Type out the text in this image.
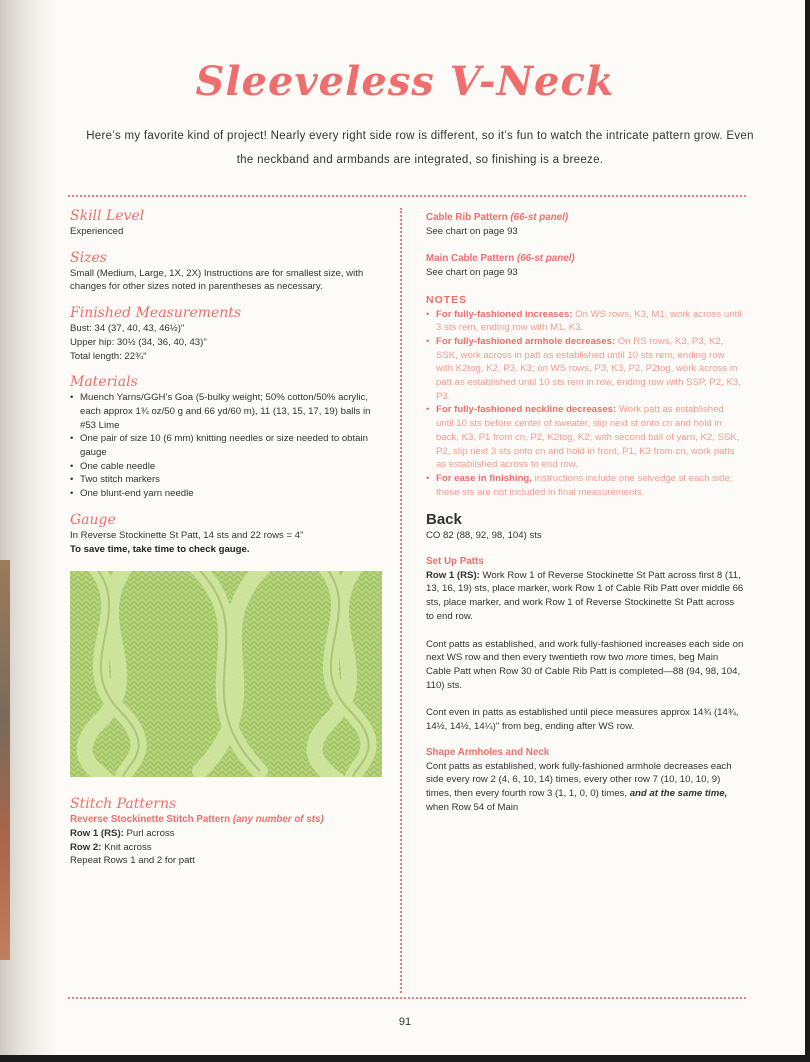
Sleeveless V-Neck

Here’s my favorite kind of project! Nearly every right side row is different, so it’s fun to watch the intricate pattern grow. Even the neckband and armbands are integrated, so finishing is a breeze.

Skill Level

Experienced

Sizes

Small (Medium, Large, 1X, 2X) Instructions are for smallest size, with changes for other sizes noted in parentheses as necessary.

Finished Measurements

Bust: 34 (37, 40, 43, 46½)"

Upper hip: 30½ (34, 36, 40, 43)"

Total length: 22¾"

Materials
• Muench Yarns/GGH’s Goa (5-bulky weight; 50% cotton/50% acrylic, each approx 1¾ oz/50 g and 66 yd/60 m), 11 (13, 15, 17, 19) balls in #53 Lime
• One pair of size 10 (6 mm) knitting needles or size needed to obtain gauge
• One cable needle
• Two stitch markers
• One blunt-end yarn needle
Gauge

In Reverse Stockinette St Patt, 14 sts and 22 rows = 4"

To save time, take time to check gauge.

Stitch Patterns

Reverse Stockinette Stitch Pattern (any number of sts)

Row 1 (RS): Purl across

Row 2: Knit across

Repeat Rows 1 and 2 for patt

Cable Rib Pattern (66-st panel)

See chart on page 93

Main Cable Pattern (66-st panel)

See chart on page 93

NOTES
• For fully-fashioned increases: On WS rows, K3, M1, work across until 3 sts rem, ending row with M1, K3.
• For fully-fashioned armhole decreases: On RS rows, K3, P3, K2, SSK, work across in patt as established until 10 sts rem, ending row with K2tog, K2, P3, K3; on WS rows, P3, K3, P2, P2tog, work across in patt as established until 10 sts rem in row, ending row with SSP, P2, K3, P3.
• For fully-fashioned neckline decreases: Work patt as established until 10 sts before center of sweater, slip next st onto cn and hold in back, K3, P1 from cn, P2, K2tog, K2; with second ball of yarn, K2, SSK, P2, slip next 3 sts onto cn and hold in front, P1, K3 from cn, work patts as established across to end row.
• For ease in finishing, instructions include one selvedge st each side; these sts are not included in final measurements.
Back

CO 82 (88, 92, 98, 104) sts

Set Up Patts

Row 1 (RS): Work Row 1 of Reverse Stockinette St Patt across first 8 (11, 13, 16, 19) sts, place marker, work Row 1 of Cable Rib Patt over middle 66 sts, place marker, and work Row 1 of Reverse Stockinette St Patt across to end row.

Cont patts as established, and work fully-fashioned increases each side on next WS row and then every twentieth row two more times, beg Main Cable Patt when Row 30 of Cable Rib Patt is completed—88 (94, 98, 104, 110) sts.

Cont even in patts as established until piece measures approx 14¾ (14¾, 14½, 14½, 14¼)" from beg, ending after WS row.

Shape Armholes and Neck

Cont patts as established, work fully-fashioned armhole decreases each side every row 2 (4, 6, 10, 14) times, every other row 7 (10, 10, 10, 9) times, then every fourth row 3 (1, 1, 0, 0) times, and at the same time, when Row 54 of Main

91
